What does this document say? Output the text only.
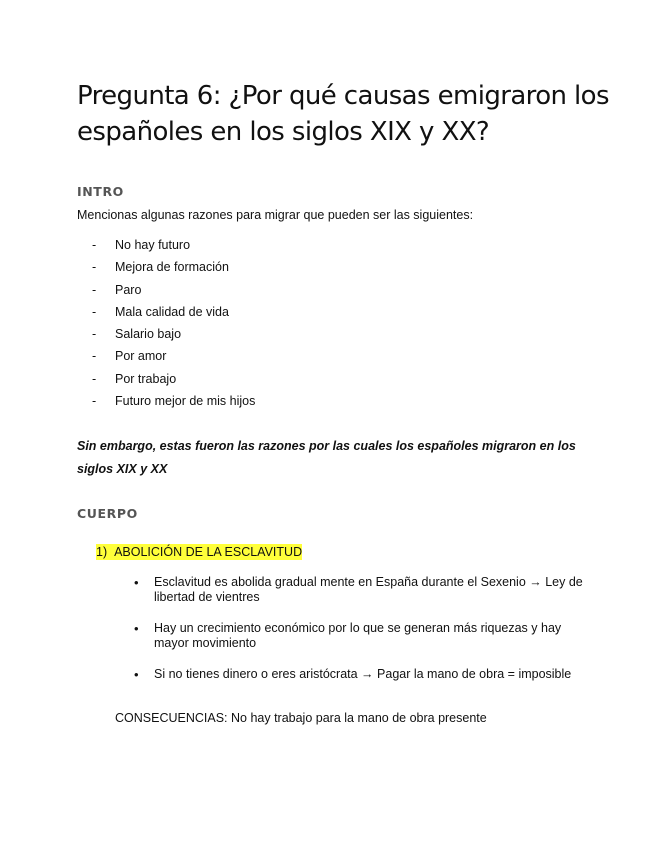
Pregunta 6: ¿Por qué causas emigraron los españoles en los siglos XIX y XX?
INTRO

Mencionas algunas razones para migrar que pueden ser las siguientes:

-	No hay futuro
-	Mejora de formación
-	Paro
-	Mala calidad de vida
-	Salario bajo
-	Por amor
-	Por trabajo
-	Futuro mejor de mis hijos

Sin embargo, estas fueron las razones por las cuales los españoles migraron en los siglos XIX y XX

CUERPO

1) ABOLICIÓN DE LA ESCLAVITUD

•	Esclavitud es abolida gradual mente en España durante el Sexenio → Ley de libertad de vientres
•	Hay un crecimiento económico por lo que se generan más riquezas y hay mayor movimiento
•	Si no tienes dinero o eres aristócrata → Pagar la mano de obra = imposible

CONSECUENCIAS: No hay trabajo para la mano de obra presente
